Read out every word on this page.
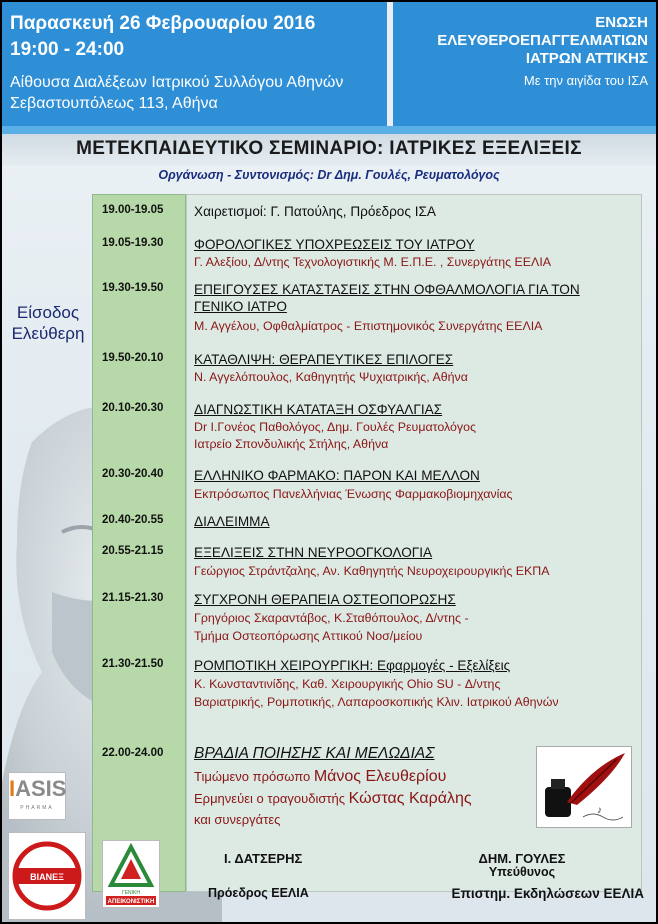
Παρασκευή 26 Φεβρουαρίου 2016
19:00 - 24:00
Αίθουσα Διαλέξεων Ιατρικού Συλλόγου Αθηνών
Σεβαστουπόλεως 113, Αθήνα
ΕΝΩΣΗ
ΕΛΕΥΘΕΡΟΕΠΑΓΓΕΛΜΑΤΙΩΝ
ΙΑΤΡΩΝ ΑΤΤΙΚΗΣ
Με την αιγίδα του ΙΣΑ
ΜΕΤΕΚΠΑΙΔΕΥΤΙΚΟ ΣΕΜΙΝΑΡΙΟ: ΙΑΤΡΙΚΕΣ ΕΞΕΛΙΞΕΙΣ
Οργάνωση - Συντονισμός: Dr Δημ. Γουλές, Ρευματολόγος
Είσοδος
Ελεύθερη
19.00-19.05	Χαιρετισμοί: Γ. Πατούλης, Πρόεδρος ΙΣΑ
19.05-19.30	ΦΟΡΟΛΟΓΙΚΕΣ ΥΠΟΧΡΕΩΣΕΙΣ ΤΟΥ ΙΑΤΡΟΥ
Γ. Αλεξίου, Δ/ντης Τεχνολογιστικής Μ. Ε.Π.Ε. , Συνεργάτης ΕΕΛΙΑ
19.30-19.50	ΕΠΕΙΓΟΥΣΕΣ ΚΑΤΑΣΤΑΣΕΙΣ ΣΤΗΝ ΟΦΘΑΛΜΟΛΟΓΙΑ ΓΙΑ ΤΟΝ
ΓΕΝΙΚΟ ΙΑΤΡΟ
Μ. Αγγέλου, Οφθαλμίατρος - Επιστημονικός Συνεργάτης ΕΕΛΙΑ
19.50-20.10	ΚΑΤΑΘΛΙΨΗ: ΘΕΡΑΠΕΥΤΙΚΕΣ ΕΠΙΛΟΓΕΣ
Ν. Αγγελόπουλος, Καθηγητής Ψυχιατρικής, Αθήνα
20.10-20.30	ΔΙΑΓΝΩΣΤΙΚΗ ΚΑΤΑΤΑΞΗ ΟΣΦΥΑΛΓΙΑΣ
Dr Ι.Γονέος Παθολόγος, Δημ. Γουλές Ρευματολόγος
Ιατρείο Σπονδυλικής Στήλης, Αθήνα
20.30-20.40	ΕΛΛΗΝΙΚΟ ΦΑΡΜΑΚΟ: ΠΑΡΟΝ ΚΑΙ ΜΕΛΛΟΝ
Εκπρόσωπος Πανελλήνιας Ένωσης Φαρμακοβιομηχανίας
20.40-20.55	ΔΙΑΛΕΙΜΜΑ
20.55-21.15	ΕΞΕΛΙΞΕΙΣ ΣΤΗΝ ΝΕΥΡΟΟΓΚΟΛΟΓΙΑ
Γεώργιος Στράντζαλης, Αν. Καθηγητής Νευροχειρουργικής ΕΚΠΑ
21.15-21.30	ΣΥΓΧΡΟΝΗ ΘΕΡΑΠΕΙΑ ΟΣΤΕΟΠΟΡΩΣΗΣ
Γρηγόριος Σκαραντάβος, Κ.Σταθόπουλος, Δ/ντης -
Τμήμα Οστεοπόρωσης Αττικού Νοσ/μείου
21.30-21.50	ΡΟΜΠΟΤΙΚΗ ΧΕΙΡΟΥΡΓΙΚΗ: Εφαρμογές - Εξελίξεις
Κ. Κωνσταντινίδης, Καθ. Χειρουργικής Ohio SU - Δ/ντης
Βαριατρικής, Ρομποτικής, Λαπαροσκοπικής Κλιν. Ιατρικού Αθηνών
22.00-24.00	ΒΡΑΔΙΑ ΠΟΙΗΣΗΣ ΚΑΙ ΜΕΛΩΔΙΑΣ
Τιμώμενο πρόσωπο Μάνος Ελευθερίου
Ερμηνεύει ο τραγουδιστής Κώστας Καράλης
και συνεργάτες
♪
IASIS
PHARMA
ΒΙΑΝΕΞ
ΓΕΝΙΚΗ
ΑΠΕΙΚΟΝΙΣΤΙΚΗ
Ι. ΔΑΤΣΕΡΗΣ
Πρόεδρος ΕΕΛΙΑ
ΔΗΜ. ΓΟΥΛΕΣ
Υπεύθυνος
Επιστημ. Εκδηλώσεων ΕΕΛΙΑ
